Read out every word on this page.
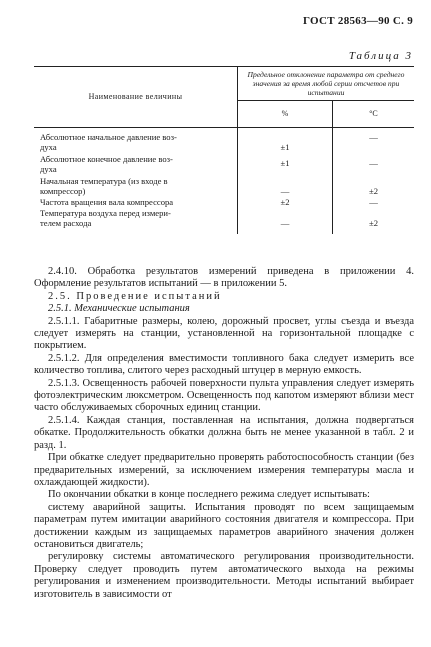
ГОСТ 28563—90 С. 9
Таблица 3
Наименование величины	Предельное отклонение параметра от среднего значения за время любой серии отсчетов при испытании	
	%	°C
Абсолютное начальное давление воз-
духа	±1	—
Абсолютное конечное давление воз-
духа	±1	—
Начальная температура (из входе в
компрессор)	—	±2
Частота вращения вала компрессора	±2	—
Температура воздуха перед измери-
телем расхода	—	±2

2.4.10. Обработка результатов измерений приведена в приложении 4. Оформление результатов испытаний — в приложении 5.

2.5. Проведение испытаний

2.5.1. Механические испытания

2.5.1.1. Габаритные размеры, колею, дорожный просвет, углы съезда и въезда следует измерять на станции, установленной на горизонтальной площадке с покрытием.

2.5.1.2. Для определения вместимости топливного бака следует измерить все количество топлива, слитого через расходный штуцер в мерную емкость.

2.5.1.3. Освещенность рабочей поверхности пульта управления следует измерять фотоэлектрическим люксметром. Освещенность под капотом измеряют вблизи мест часто обслуживаемых сборочных единиц станции.

2.5.1.4. Каждая станция, поставленная на испытания, должна подвергаться обкатке. Продолжительность обкатки должна быть не менее указанной в табл. 2 и разд. 1.

При обкатке следует предварительно проверять работоспособность станции (без предварительных измерений, за исключением измерения температуры масла и охлаждающей жидкости).

По окончании обкатки в конце последнего режима следует испытывать:

систему аварийной защиты. Испытания проводят по всем защищаемым параметрам путем имитации аварийного состояния двигателя и компрессора. При достижении каждым из защищаемых параметров аварийного значения должен остановиться двигатель;

регулировку системы автоматического регулирования производительности. Проверку следует проводить путем автоматического выхода на режимы регулирования и изменением производительности. Методы испытаний выбирает изготовитель в зависимости от
